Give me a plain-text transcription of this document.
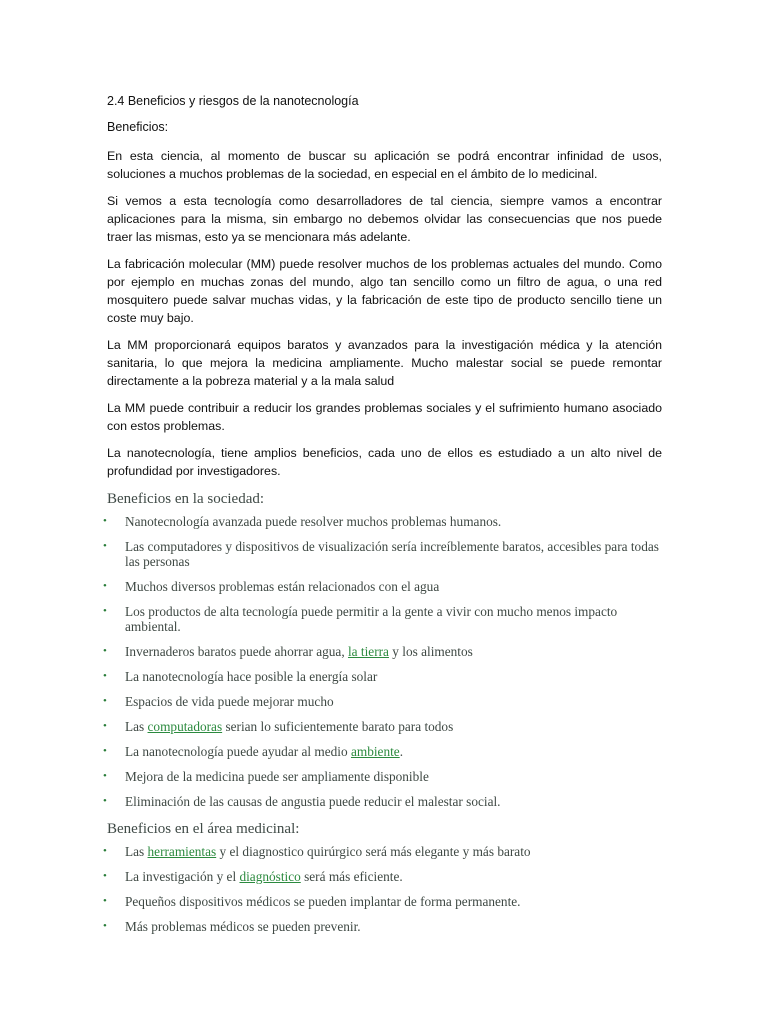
2.4 Beneficios y riesgos de la nanotecnología
Beneficios:

En esta ciencia, al momento de buscar su aplicación se podrá encontrar infinidad de usos, soluciones a muchos problemas de la sociedad, en especial en el ámbito de lo medicinal.

Si vemos a esta tecnología como desarrolladores de tal ciencia, siempre vamos a encontrar aplicaciones para la misma, sin embargo no debemos olvidar las consecuencias que nos puede traer las mismas, esto ya se mencionara más adelante.

La fabricación molecular (MM) puede resolver muchos de los problemas actuales del mundo. Como por ejemplo en muchas zonas del mundo, algo tan sencillo como un filtro de agua, o una red mosquitero puede salvar muchas vidas, y la fabricación de este tipo de producto sencillo tiene un coste muy bajo.

La MM proporcionará equipos baratos y avanzados para la investigación médica y la atención sanitaria, lo que mejora la medicina ampliamente. Mucho malestar social se puede remontar directamente a la pobreza material y a la mala salud

La MM puede contribuir a reducir los grandes problemas sociales y el sufrimiento humano asociado con estos problemas.

La nanotecnología, tiene amplios beneficios, cada uno de ellos es estudiado a un alto nivel de profundidad por investigadores.

Beneficios en la sociedad:
• Nanotecnología avanzada puede resolver muchos problemas humanos.
• Las computadores y dispositivos de visualización sería increíblemente baratos, accesibles para todas las personas
• Muchos diversos problemas están relacionados con el agua
• Los productos de alta tecnología puede permitir a la gente a vivir con mucho menos impacto ambiental.
• Invernaderos baratos puede ahorrar agua, la tierra y los alimentos
• La nanotecnología hace posible la energía solar
• Espacios de vida puede mejorar mucho
• Las computadoras serian lo suficientemente barato para todos
• La nanotecnología puede ayudar al medio ambiente.
• Mejora de la medicina puede ser ampliamente disponible
• Eliminación de las causas de angustia puede reducir el malestar social.
Beneficios en el área medicinal:
• Las herramientas y el diagnostico quirúrgico será más elegante y más barato
• La investigación y el diagnóstico será más eficiente.
• Pequeños dispositivos médicos se pueden implantar de forma permanente.
• Más problemas médicos se pueden prevenir.
